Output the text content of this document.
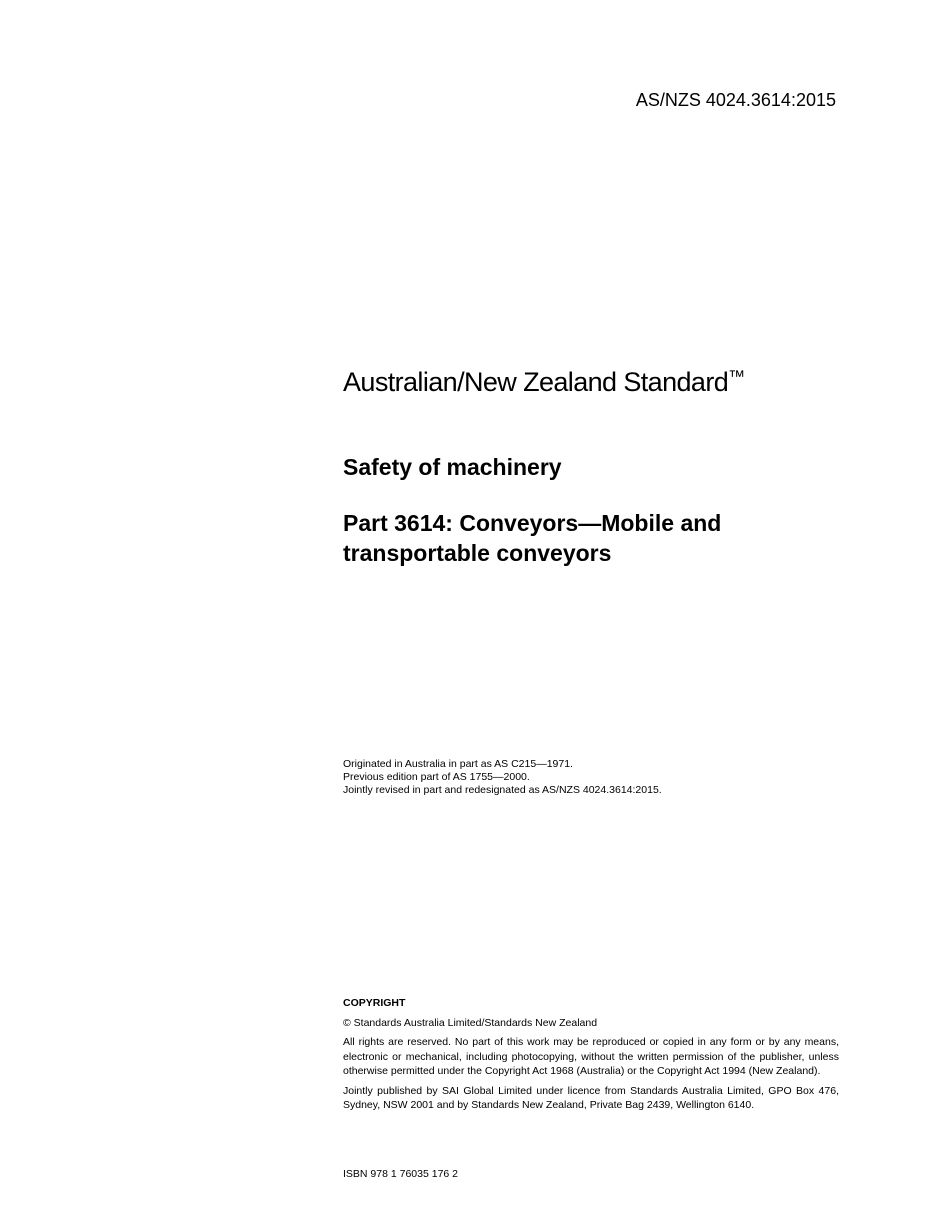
AS/NZS 4024.3614:2015
Australian/New Zealand Standard™
Safety of machinery
Part 3614: Conveyors—Mobile and transportable conveyors
Originated in Australia in part as AS C215—1971.
Previous edition part of AS 1755—2000.
Jointly revised in part and redesignated as AS/NZS 4024.3614:2015.
COPYRIGHT

© Standards Australia Limited/Standards New Zealand

All rights are reserved. No part of this work may be reproduced or copied in any form or by any means, electronic or mechanical, including photocopying, without the written permission of the publisher, unless otherwise permitted under the Copyright Act 1968 (Australia) or the Copyright Act 1994 (New Zealand).

Jointly published by SAI Global Limited under licence from Standards Australia Limited, GPO Box 476, Sydney, NSW 2001 and by Standards New Zealand, Private Bag 2439, Wellington 6140.

ISBN 978 1 76035 176 2
